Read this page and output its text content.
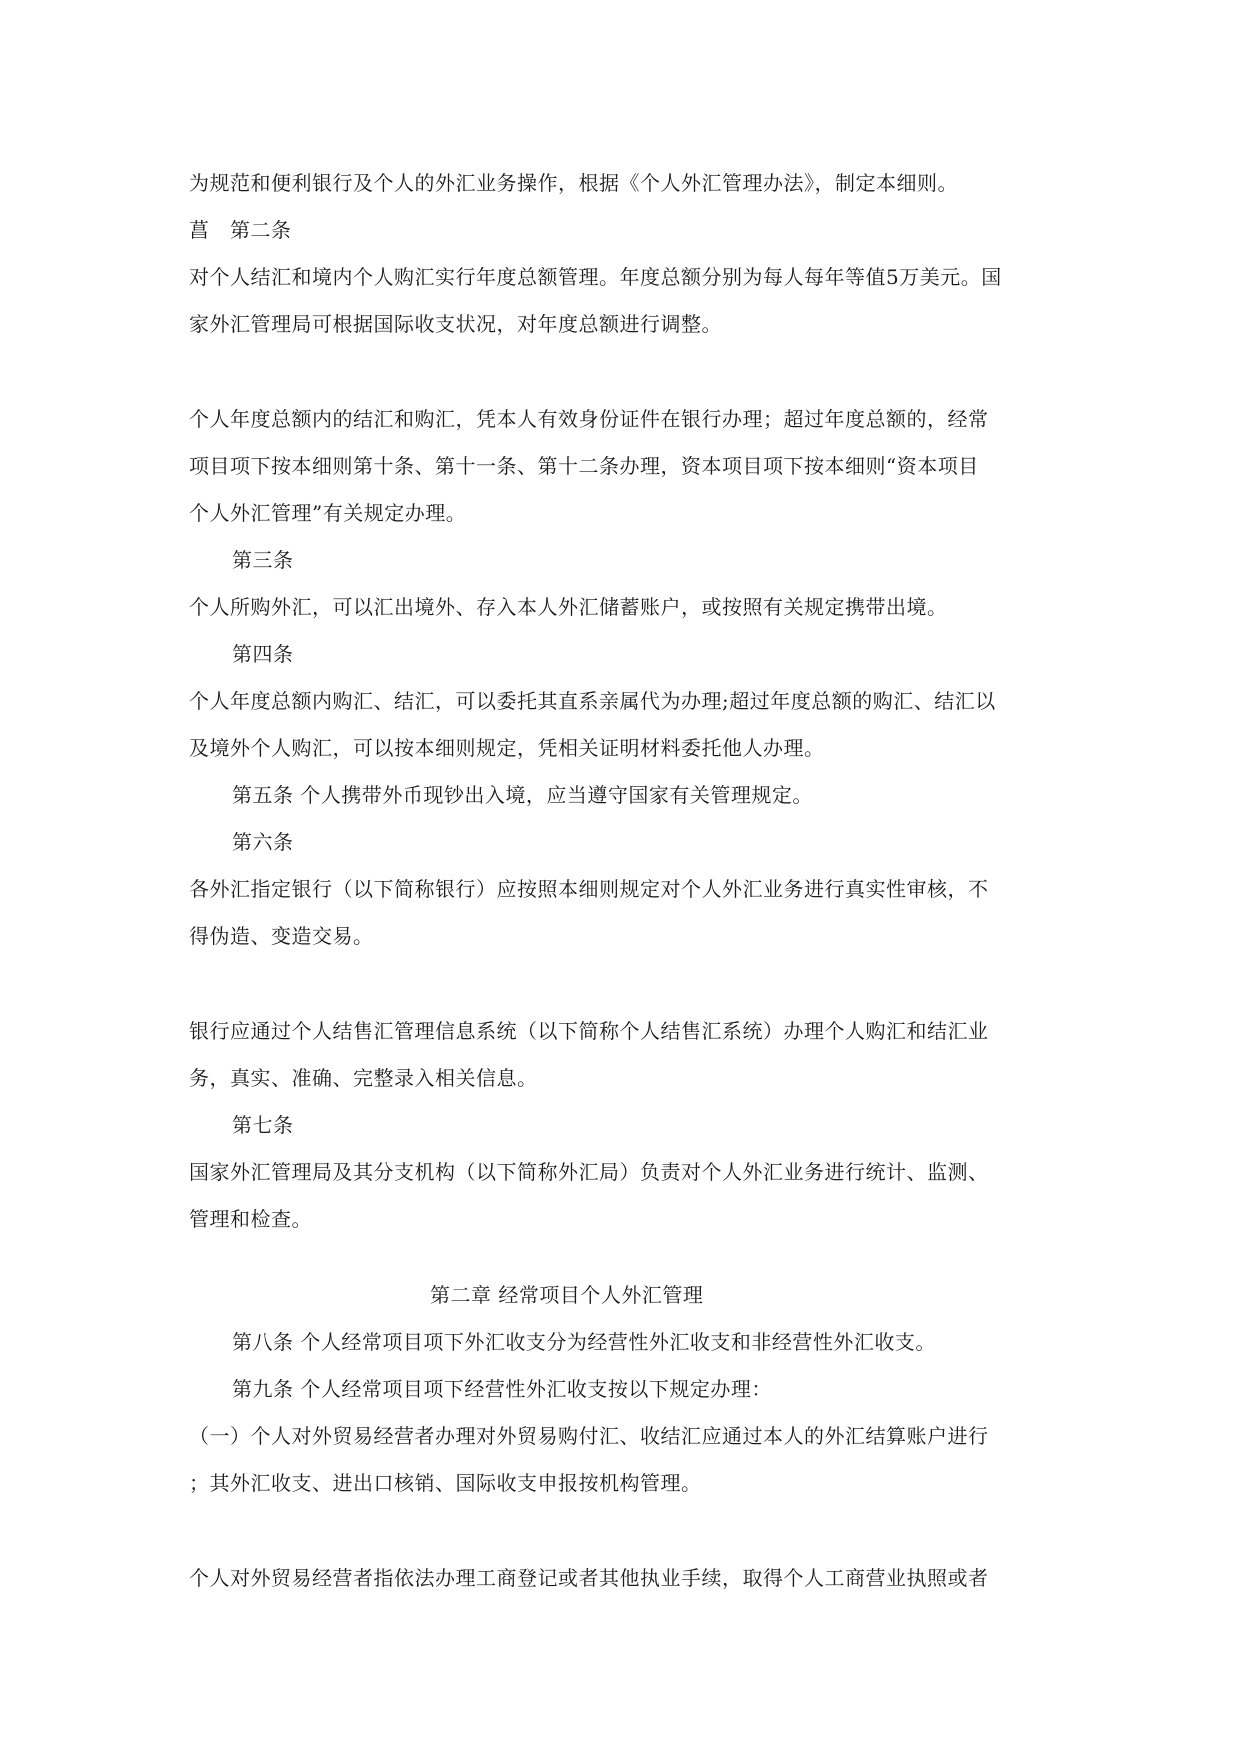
为规范和便利银行及个人的外汇业务操作，根据《个人外汇管理办法》，制定本细则。
菖　第二条
对个人结汇和境内个人购汇实行年度总额管理。年度总额分别为每人每年等值5万美元。国
家外汇管理局可根据国际收支状况，对年度总额进行调整。
个人年度总额内的结汇和购汇，凭本人有效身份证件在银行办理；超过年度总额的，经常
项目项下按本细则第十条、第十一条、第十二条办理，资本项目项下按本细则“资本项目
个人外汇管理”有关规定办理。
第三条
个人所购外汇，可以汇出境外、存入本人外汇储蓄账户，或按照有关规定携带出境。
第四条
个人年度总额内购汇、结汇，可以委托其直系亲属代为办理;超过年度总额的购汇、结汇以
及境外个人购汇，可以按本细则规定，凭相关证明材料委托他人办理。
第五条 个人携带外币现钞出入境，应当遵守国家有关管理规定。
第六条
各外汇指定银行（以下简称银行）应按照本细则规定对个人外汇业务进行真实性审核，不
得伪造、变造交易。
银行应通过个人结售汇管理信息系统（以下简称个人结售汇系统）办理个人购汇和结汇业
务，真实、准确、完整录入相关信息。
第七条
国家外汇管理局及其分支机构（以下简称外汇局）负责对个人外汇业务进行统计、监测、
管理和检查。
第二章 经常项目个人外汇管理
第八条 个人经常项目项下外汇收支分为经营性外汇收支和非经营性外汇收支。
第九条 个人经常项目项下经营性外汇收支按以下规定办理：
（一）个人对外贸易经营者办理对外贸易购付汇、收结汇应通过本人的外汇结算账户进行
；其外汇收支、进出口核销、国际收支申报按机构管理。
个人对外贸易经营者指依法办理工商登记或者其他执业手续，取得个人工商营业执照或者
